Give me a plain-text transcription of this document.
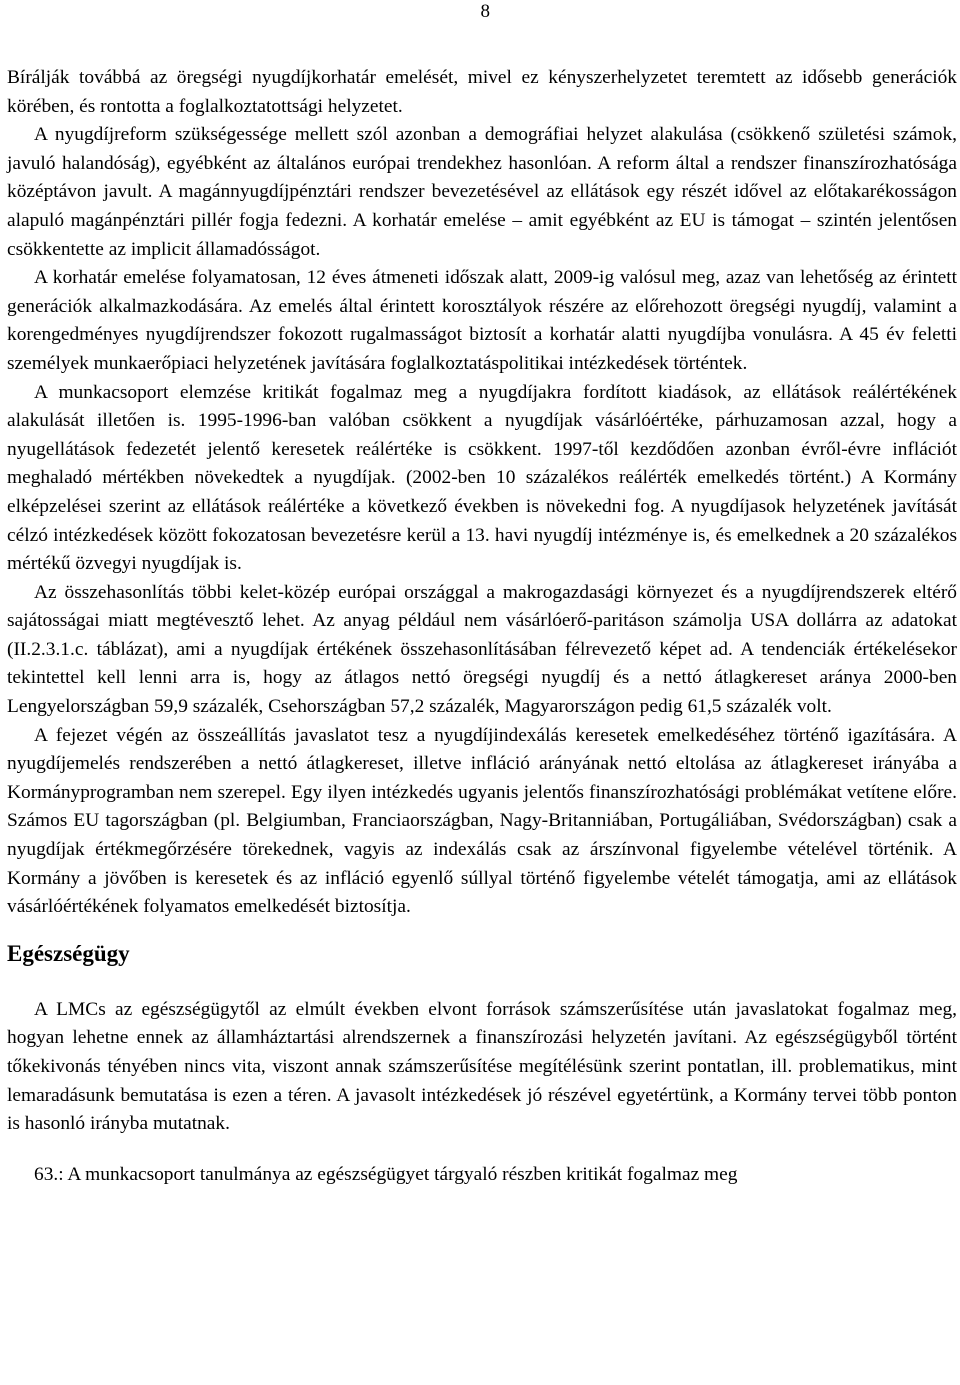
8

Bírálják továbbá az öregségi nyugdíjkorhatár emelését, mivel ez kényszerhelyzetet teremtett az idősebb generációk körében, és rontotta a foglalkoztatottsági helyzetet.

A nyugdíjreform szükségessége mellett szól azonban a demográfiai helyzet alakulása (csökkenő születési számok, javuló halandóság), egyébként az általános európai trendekhez hasonlóan. A reform által a rendszer finanszírozhatósága középtávon javult. A magánnyugdíjpénztári rendszer bevezetésével az ellátások egy részét idővel az előtakarékosságon alapuló magánpénztári pillér fogja fedezni. A korhatár emelése – amit egyébként az EU is támogat – szintén jelentősen csökkentette az implicit államadósságot.

A korhatár emelése folyamatosan, 12 éves átmeneti időszak alatt, 2009-ig valósul meg, azaz van lehetőség az érintett generációk alkalmazkodására. Az emelés által érintett korosztályok részére az előrehozott öregségi nyugdíj, valamint a korengedményes nyugdíjrendszer fokozott rugalmasságot biztosít a korhatár alatti nyugdíjba vonulásra. A 45 év feletti személyek munkaerőpiaci helyzetének javítására foglalkoztatáspolitikai intézkedések történtek.

A munkacsoport elemzése kritikát fogalmaz meg a nyugdíjakra fordított kiadások, az ellátások reálértékének alakulását illetően is. 1995-1996-ban valóban csökkent a nyugdíjak vásárlóértéke, párhuzamosan azzal, hogy a nyugellátások fedezetét jelentő keresetek reálértéke is csökkent. 1997-től kezdődően azonban évről-évre inflációt meghaladó mértékben növekedtek a nyugdíjak. (2002-ben 10 százalékos reálérték emelkedés történt.) A Kormány elképzelései szerint az ellátások reálértéke a következő években is növekedni fog. A nyugdíjasok helyzetének javítását célzó intézkedések között fokozatosan bevezetésre kerül a 13. havi nyugdíj intézménye is, és emelkednek a 20 százalékos mértékű özvegyi nyugdíjak is.

Az összehasonlítás többi kelet-közép európai országgal a makrogazdasági környezet és a nyugdíjrendszerek eltérő sajátosságai miatt megtévesztő lehet. Az anyag például nem vásárlóerő-paritáson számolja USA dollárra az adatokat (II.2.3.1.c. táblázat), ami a nyugdíjak értékének összehasonlításában félrevezető képet ad. A tendenciák értékelésekor tekintettel kell lenni arra is, hogy az átlagos nettó öregségi nyugdíj és a nettó átlagkereset aránya 2000-ben Lengyelországban 59,9 százalék, Csehországban 57,2 százalék, Magyarországon pedig 61,5 százalék volt.

A fejezet végén az összeállítás javaslatot tesz a nyugdíjindexálás keresetek emelkedéséhez történő igazítására. A nyugdíjemelés rendszerében a nettó átlagkereset, illetve infláció arányának nettó eltolása az átlagkereset irányába a Kormányprogramban nem szerepel. Egy ilyen intézkedés ugyanis jelentős finanszírozhatósági problémákat vetítene előre. Számos EU tagországban (pl. Belgiumban, Franciaországban, Nagy-Britanniában, Portugáliában, Svédországban) csak a nyugdíjak értékmegőrzésére törekednek, vagyis az indexálás csak az árszínvonal figyelembe vételével történik. A Kormány a jövőben is keresetek és az infláció egyenlő súllyal történő figyelembe vételét támogatja, ami az ellátások vásárlóértékének folyamatos emelkedését biztosítja.

Egészségügy

A LMCs az egészségügytől az elmúlt években elvont források számszerűsítése után javaslatokat fogalmaz meg, hogyan lehetne ennek az államháztartási alrendszernek a finanszírozási helyzetén javítani. Az egészségügyből történt tőkekivonás tényében nincs vita, viszont annak számszerűsítése megítélésünk szerint pontatlan, ill. problematikus, mint lemaradásunk bemutatása is ezen a téren. A javasolt intézkedések jó részével egyetértünk, a Kormány tervei több ponton is hasonló irányba mutatnak.

63.: A munkacsoport tanulmánya az egészségügyet tárgyaló részben kritikát fogalmaz meg
